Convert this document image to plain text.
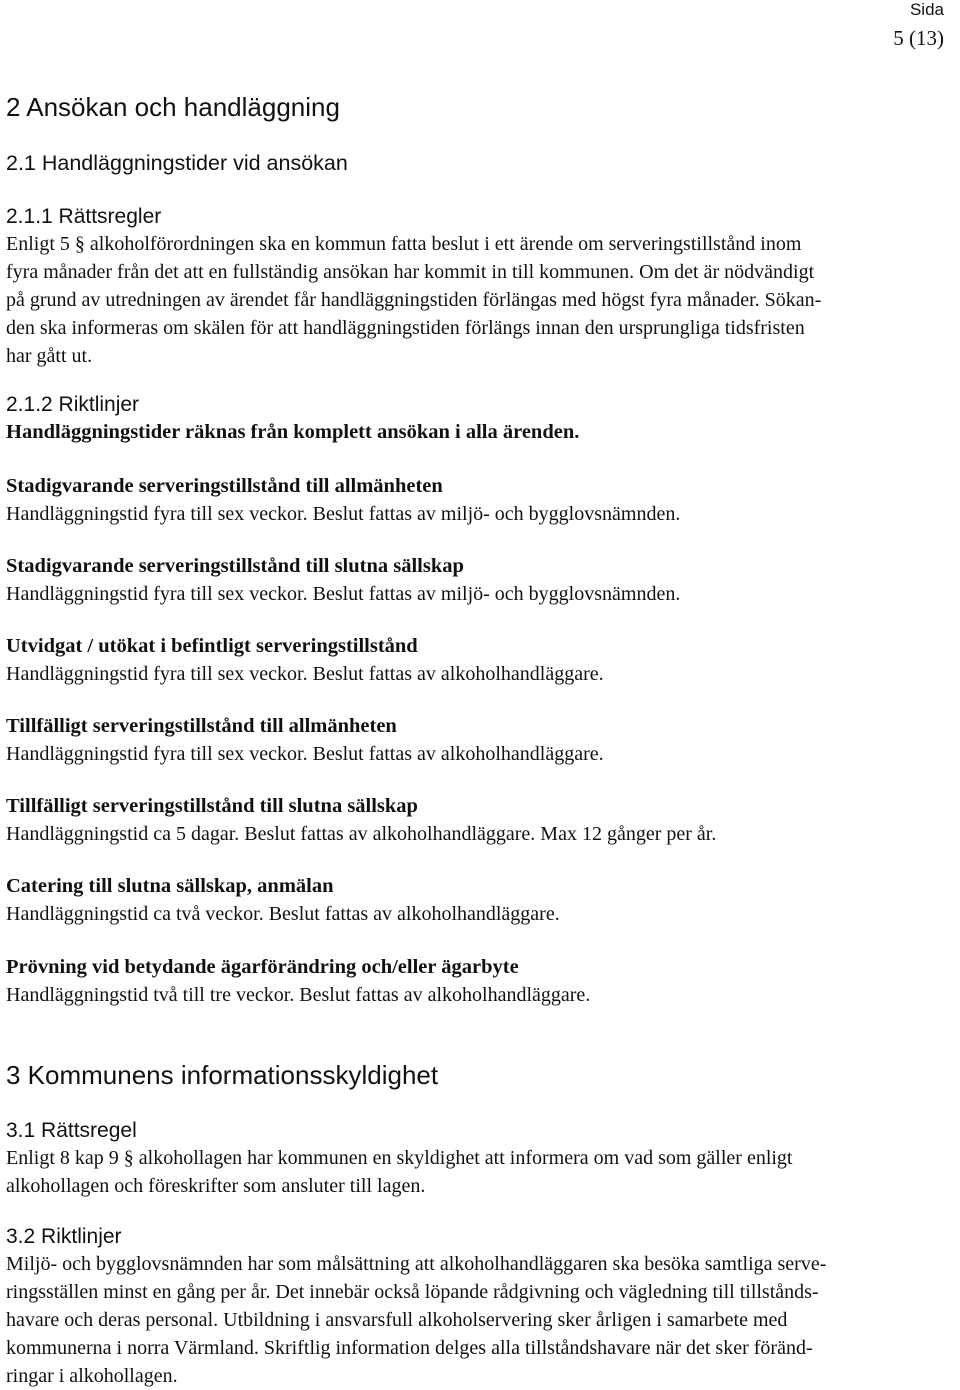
Sida
5 (13)
2 Ansökan och handläggning
2.1 Handläggningstider vid ansökan
2.1.1 Rättsregler

Enligt 5 § alkoholförordningen ska en kommun fatta beslut i ett ärende om serveringstillstånd inom
fyra månader från det att en fullständig ansökan har kommit in till kommunen. Om det är nödvändigt
på grund av utredningen av ärendet får handläggningstiden förlängas med högst fyra månader. Sökan-
den ska informeras om skälen för att handläggningstiden förlängs innan den ursprungliga tidsfristen
har gått ut.

2.1.2 Riktlinjer

Handläggningstider räknas från komplett ansökan i alla ärenden.

Stadigvarande serveringstillstånd till allmänheten

Handläggningstid fyra till sex veckor. Beslut fattas av miljö- och bygglovsnämnden.

Stadigvarande serveringstillstånd till slutna sällskap

Handläggningstid fyra till sex veckor. Beslut fattas av miljö- och bygglovsnämnden.

Utvidgat / utökat i befintligt serveringstillstånd

Handläggningstid fyra till sex veckor. Beslut fattas av alkoholhandläggare.

Tillfälligt serveringstillstånd till allmänheten

Handläggningstid fyra till sex veckor. Beslut fattas av alkoholhandläggare.

Tillfälligt serveringstillstånd till slutna sällskap

Handläggningstid ca 5 dagar. Beslut fattas av alkoholhandläggare. Max 12 gånger per år.

Catering till slutna sällskap, anmälan

Handläggningstid ca två veckor. Beslut fattas av alkoholhandläggare.

Prövning vid betydande ägarförändring och/eller ägarbyte

Handläggningstid två till tre veckor. Beslut fattas av alkoholhandläggare.

3 Kommunens informationsskyldighet
3.1 Rättsregel

Enligt 8 kap 9 § alkohollagen har kommunen en skyldighet att informera om vad som gäller enligt
alkohollagen och föreskrifter som ansluter till lagen.

3.2 Riktlinjer

Miljö- och bygglovsnämnden har som målsättning att alkoholhandläggaren ska besöka samtliga serve-
ringsställen minst en gång per år. Det innebär också löpande rådgivning och vägledning till tillstånds-
havare och deras personal. Utbildning i ansvarsfull alkoholservering sker årligen i samarbete med
kommunerna i norra Värmland. Skriftlig information delges alla tillståndshavare när det sker föränd-
ringar i alkohollagen.
